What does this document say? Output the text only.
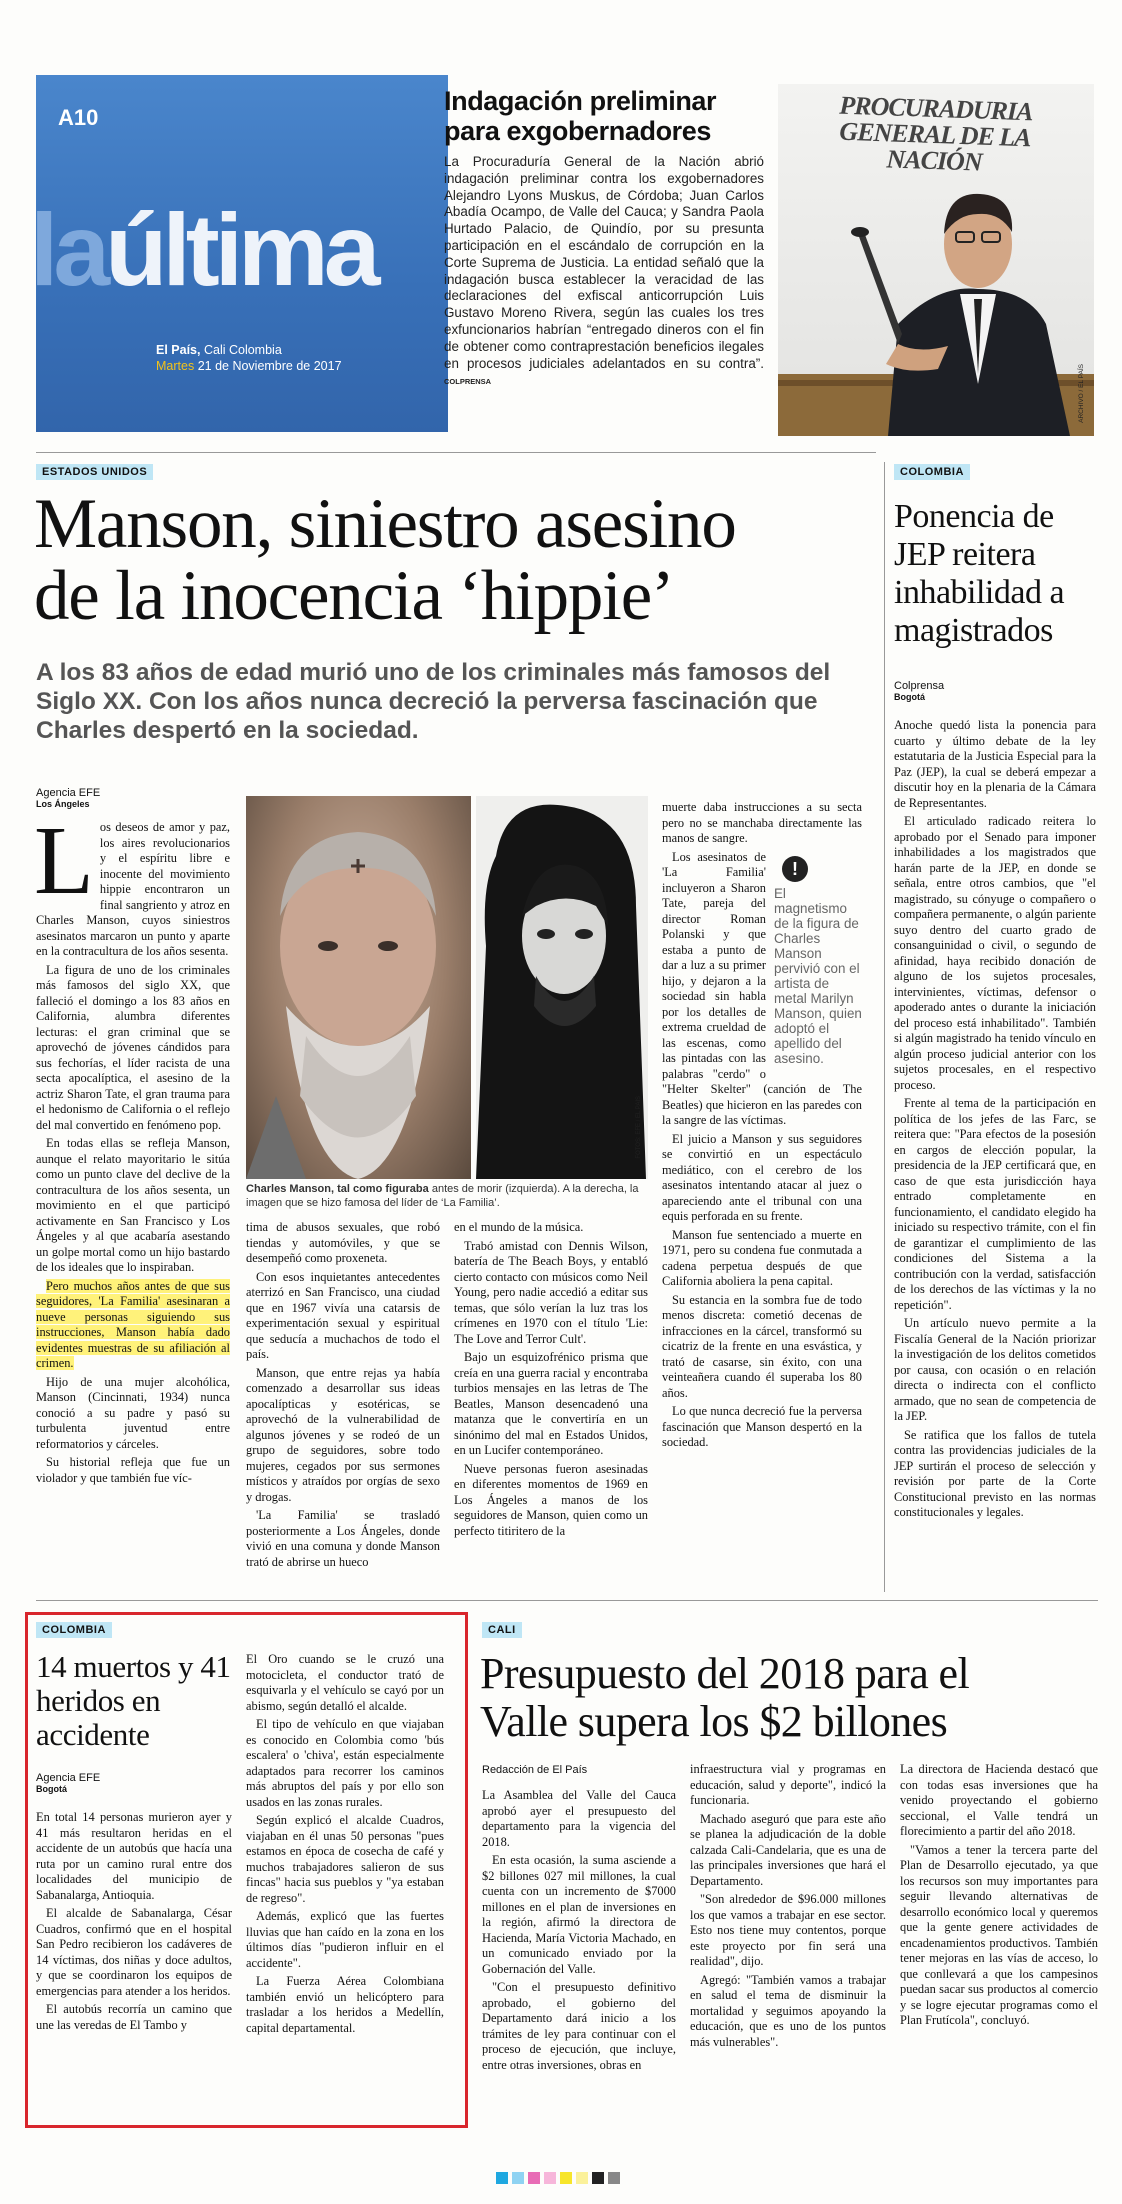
A10
laúltima
El País, Cali Colombia
Martes 21 de Noviembre de 2017
Indagación preliminar para exgobernadores
La Procuraduría General de la Nación abrió indagación preliminar contra los exgobernadores Alejandro Lyons Muskus, de Córdoba; Juan Carlos Abadía Ocampo, de Valle del Cauca; y Sandra Paola Hurtado Palacio, de Quindío, por su presunta participación en el escándalo de corrupción en la Corte Suprema de Justicia. La entidad señaló que la indagación busca establecer la veracidad de las declaraciones del exfiscal anticorrupción Luis Gustavo Moreno Rivera, según las cuales los tres exfuncionarios habrían “entregado dineros con el fin de obtener como contraprestación beneficios ilegales en procesos judiciales adelantados en su contra”. COLPRENSA
PROCURADURIA GENERAL DE LA NACIÓN
ARCHIVO / EL PAÍS
ESTADOS UNIDOS
Manson, siniestro asesino
de la inocencia ‘hippie’
A los 83 años de edad murió uno de los criminales más famosos del Siglo XX. Con los años nunca decreció la perversa fascinación que Charles despertó en la sociedad.
Agencia EFE
Los Ángeles
L os deseos de amor y paz, los aires revolucionarios y el espíritu libre e inocente del movimiento hippie encontraron un final sangriento y atroz en Charles Manson, cuyos siniestros asesinatos marcaron un punto y aparte en la contracultura de los años sesenta.

La figura de uno de los criminales más famosos del siglo XX, que falleció el domingo a los 83 años en California, alumbra diferentes lecturas: el gran criminal que se aprovechó de jóvenes cándidos para sus fechorías, el líder racista de una secta apocalíptica, el asesino de la actriz Sharon Tate, el gran trauma para el hedonismo de California o el reflejo del mal convertido en fenómeno pop.

En todas ellas se refleja Manson, aunque el relato mayoritario le sitúa como un punto clave del declive de la contracultura de los años sesenta, un movimiento en el que participó activamente en San Francisco y Los Ángeles y al que acabaría asestando un golpe mortal como un hijo bastardo de los ideales que lo inspiraban.

Pero muchos años antes de que sus seguidores, 'La Familia' asesinaran a nueve personas siguiendo sus instrucciones, Manson había dado evidentes muestras de su afiliación al crimen.

Hijo de una mujer alcohólica, Manson (Cincinnati, 1934) nunca conoció a su padre y pasó su turbulenta juventud entre reformatorios y cárceles.

Su historial refleja que fue un violador y que también fue víc-

FOTOS: EFE / EL PAÍS
Charles Manson, tal como figuraba antes de morir (izquierda). A la derecha, la imagen que se hizo famosa del líder de ‘La Familia’.

tima de abusos sexuales, que robó tiendas y automóviles, y que se desempeñó como proxeneta.

Con esos inquietantes antecedentes aterrizó en San Francisco, una ciudad que en 1967 vivía una catarsis de experimentación sexual y espiritual que seducía a muchachos de todo el país.

Manson, que entre rejas ya había comenzado a desarrollar sus ideas apocalípticas y esotéricas, se aprovechó de la vulnerabilidad de algunos jóvenes y se rodeó de un grupo de seguidores, sobre todo mujeres, cegados por sus sermones místicos y atraídos por orgías de sexo y drogas.

'La Familia' se trasladó posteriormente a Los Ángeles, donde vivió en una comuna y donde Manson trató de abrirse un hueco

en el mundo de la música.

Trabó amistad con Dennis Wilson, batería de The Beach Boys, y entabló cierto contacto con músicos como Neil Young, pero nadie accedió a editar sus temas, que sólo verían la luz tras los crímenes en 1970 con el título 'Lie: The Love and Terror Cult'.

Bajo un esquizofrénico prisma que creía en una guerra racial y encontraba turbios mensajes en las letras de The Beatles, Manson desencadenó una matanza que le convertiría en un sinónimo del mal en Estados Unidos, en un Lucifer contemporáneo.

Nueve personas fueron asesinadas en diferentes momentos de 1969 en Los Ángeles a manos de los seguidores de Manson, quien como un perfecto titiritero de la

muerte daba instrucciones a su secta pero no se manchaba directamente las manos de sangre.

!
El magnetismo de la figura de Charles Manson pervivió con el artista de metal Marilyn Manson, quien adoptó el apellido del asesino.

Los asesinatos de 'La Familia' incluyeron a Sharon Tate, pareja del director Roman Polanski y que estaba a punto de dar a luz a su primer hijo, y dejaron a la sociedad sin habla por los detalles de extrema crueldad de las escenas, como las pintadas con las palabras "cerdo" o "Helter Skelter" (canción de The Beatles) que hicieron en las paredes con la sangre de las víctimas.

El juicio a Manson y sus seguidores se convirtió en un espectáculo mediático, con el cerebro de los asesinatos intentando atacar al juez o apareciendo ante el tribunal con una equis perforada en su frente.

Manson fue sentenciado a muerte en 1971, pero su condena fue conmutada a cadena perpetua después de que California aboliera la pena capital.

Su estancia en la sombra fue de todo menos discreta: cometió decenas de infracciones en la cárcel, transformó su cicatriz de la frente en una esvástica, y trató de casarse, sin éxito, con una veinteañera cuando él superaba los 80 años.

Lo que nunca decreció fue la perversa fascinación que Manson despertó en la sociedad.

COLOMBIA
Ponencia de JEP reitera inhabilidad a magistrados
Colprensa
Bogotá

Anoche quedó lista la ponencia para cuarto y último debate de la ley estatutaria de la Justicia Especial para la Paz (JEP), la cual se deberá empezar a discutir hoy en la plenaria de la Cámara de Representantes.

El articulado radicado reitera lo aprobado por el Senado para imponer inhabilidades a los magistrados que harán parte de la JEP, en donde se señala, entre otros cambios, que "el magistrado, su cónyuge o compañero o compañera permanente, o algún pariente suyo dentro del cuarto grado de consanguinidad o civil, o segundo de afinidad, haya recibido donación de alguno de los sujetos procesales, intervinientes, víctimas, defensor o apoderado antes o durante la iniciación del proceso está inhabilitado". También si algún magistrado ha tenido vínculo en algún proceso judicial anterior con los sujetos procesales, en el respectivo proceso.

Frente al tema de la participación en política de los jefes de las Farc, se reitera que: "Para efectos de la posesión en cargos de elección popular, la presidencia de la JEP certificará que, en caso de que esta jurisdicción haya entrado completamente en funcionamiento, el candidato elegido ha iniciado su respectivo trámite, con el fin de garantizar el cumplimiento de las condiciones del Sistema a la contribución con la verdad, satisfacción de los derechos de las víctimas y la no repetición".

Un artículo nuevo permite a la Fiscalía General de la Nación priorizar la investigación de los delitos cometidos por causa, con ocasión o en relación directa o indirecta con el conflicto armado, que no sean de competencia de la JEP.

Se ratifica que los fallos de tutela contra las providencias judiciales de la JEP surtirán el proceso de selección y revisión por parte de la Corte Constitucional previsto en las normas constitucionales y legales.

COLOMBIA
14 muertos y 41 heridos en accidente
Agencia EFE
Bogotá

En total 14 personas murieron ayer y 41 más resultaron heridas en el accidente de un autobús que hacía una ruta por un camino rural entre dos localidades del municipio de Sabanalarga, Antioquia.

El alcalde de Sabanalarga, César Cuadros, confirmó que en el hospital San Pedro recibieron los cadáveres de 14 víctimas, dos niñas y doce adultos, y que se coordinaron los equipos de emergencias para atender a los heridos.

El autobús recorría un camino que une las veredas de El Tambo y

El Oro cuando se le cruzó una motocicleta, el conductor trató de esquivarla y el vehículo se cayó por un abismo, según detalló el alcalde.

El tipo de vehículo en que viajaban es conocido en Colombia como 'bús escalera' o 'chiva', están especialmente adaptados para recorrer los caminos más abruptos del país y por ello son usados en las zonas rurales.

Según explicó el alcalde Cuadros, viajaban en él unas 50 personas "pues estamos en época de cosecha de café y muchos trabajadores salieron de sus fincas" hacia sus pueblos y "ya estaban de regreso".

Además, explicó que las fuertes lluvias que han caído en la zona en los últimos días "pudieron influir en el accidente".

La Fuerza Aérea Colombiana también envió un helicóptero para trasladar a los heridos a Medellín, capital departamental.

CALI
Presupuesto del 2018 para el
Valle supera los $2 billones
Redacción de El País

La Asamblea del Valle del Cauca aprobó ayer el presupuesto del departamento para la vigencia del 2018.

En esta ocasión, la suma asciende a $2 billones 027 mil millones, la cual cuenta con un incremento de $7000 millones en el plan de inversiones en la región, afirmó la directora de Hacienda, María Victoria Machado, en un comunicado enviado por la Gobernación del Valle.

"Con el presupuesto definitivo aprobado, el gobierno del Departamento dará inicio a los trámites de ley para continuar con el proceso de ejecución, que incluye, entre otras inversiones, obras en

infraestructura vial y programas en educación, salud y deporte", indicó la funcionaria.

Machado aseguró que para este año se planea la adjudicación de la doble calzada Cali-Candelaria, que es una de las principales inversiones que hará el Departamento.

"Son alrededor de $96.000 millones los que vamos a trabajar en ese sector. Esto nos tiene muy contentos, porque este proyecto por fin será una realidad", dijo.

Agregó: "También vamos a trabajar en salud el tema de disminuir la mortalidad y seguimos apoyando la educación, que es uno de los puntos más vulnerables".

La directora de Hacienda destacó que con todas esas inversiones que ha venido proyectando el gobierno seccional, el Valle tendrá un florecimiento a partir del año 2018.

"Vamos a tener la tercera parte del Plan de Desarrollo ejecutado, ya que los recursos son muy importantes para seguir llevando alternativas de desarrollo económico local y queremos que la gente genere actividades de encadenamientos productivos. También tener mejoras en las vías de acceso, lo que conllevará a que los campesinos puedan sacar sus productos al comercio y se logre ejecutar programas como el Plan Frutícola", concluyó.
